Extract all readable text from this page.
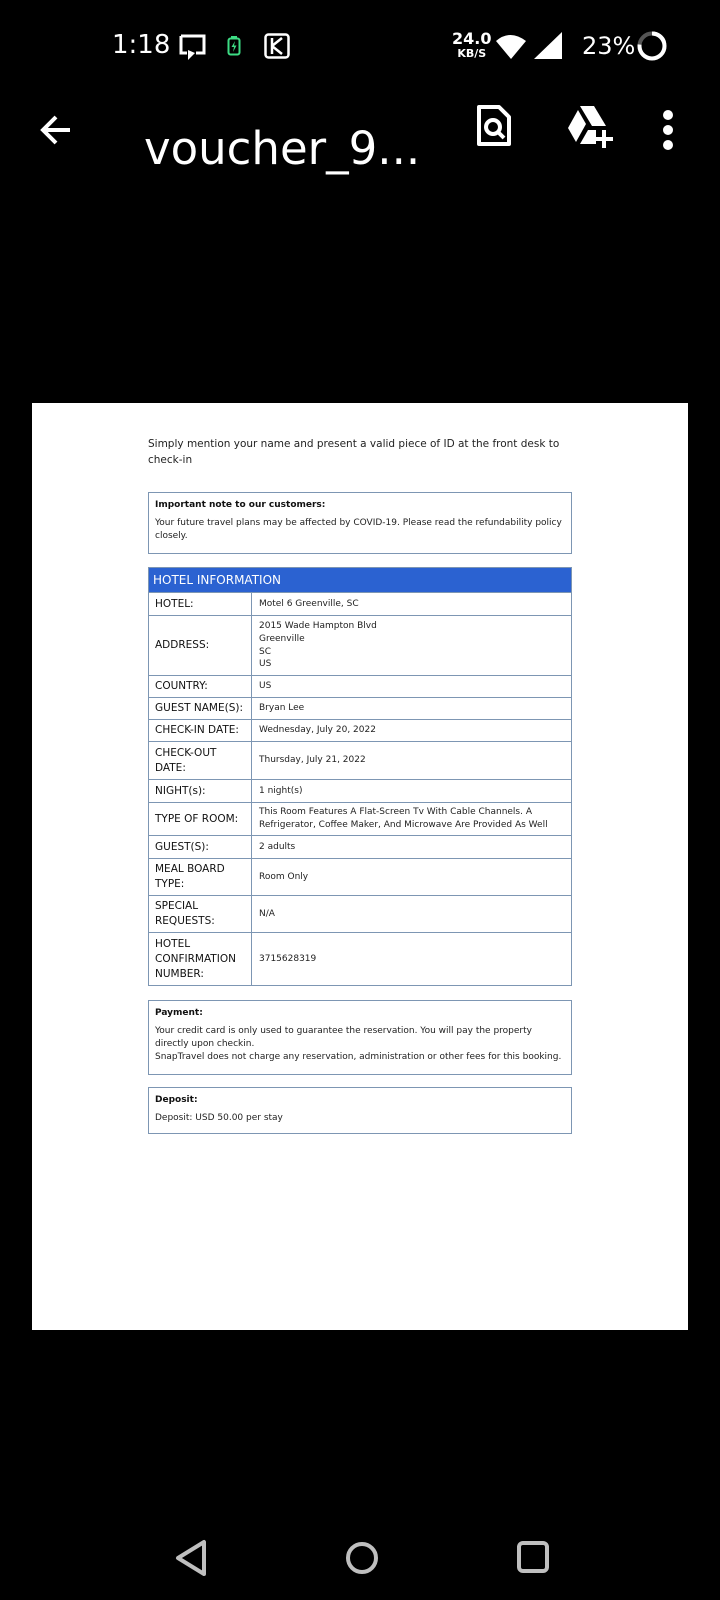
1:18	24.0
KB/S	23%
voucher_9...
Simply mention your name and present a valid piece of ID at the front desk to check-in
Important note to our customers:
Your future travel plans may be affected by COVID-19. Please read the refundability policy closely.
HOTEL INFORMATION
HOTEL:	Motel 6 Greenville, SC
ADDRESS:
2015 Wade Hampton Blvd
Greenville
SC
US
COUNTRY:	US
GUEST NAME(S):	Bryan Lee
CHECK-IN DATE:	Wednesday, July 20, 2022
CHECK-OUT DATE:
Thursday, July 21, 2022
NIGHT(s):	1 night(s)
TYPE OF ROOM:
This Room Features A Flat-Screen Tv With Cable Channels. A Refrigerator, Coffee Maker, And Microwave Are Provided As Well
GUEST(S):	2 adults
MEAL BOARD TYPE:
Room Only
SPECIAL REQUESTS:
N/A
HOTEL CONFIRMATION NUMBER:
3715628319
Payment:
Your credit card is only used to guarantee the reservation. You will pay the property directly upon checkin.
SnapTravel does not charge any reservation, administration or other fees for this booking.
Deposit:
Deposit: USD 50.00 per stay
